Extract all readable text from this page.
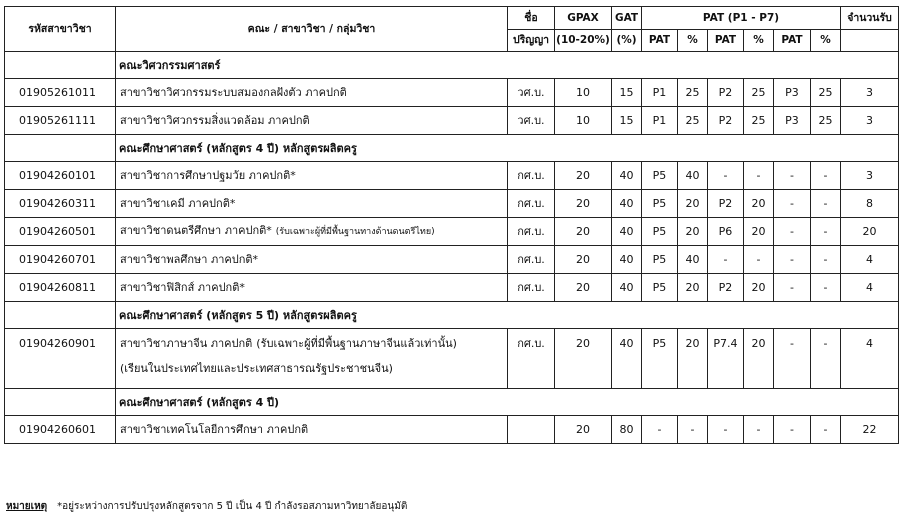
รหัสสาขาวิชา	คณะ / สาขาวิชา / กลุ่มวิชา	ชื่อ	GPAX	GAT	PAT (P1 - P7)						จำนวนรับ
		ปริญญา	(10-20%)	(%)	PAT	%	PAT	%	PAT	%	
	คณะวิศวกรรมศาสตร์										
01905261011	สาขาวิชาวิศวกรรมระบบสมองกลฝังตัว ภาคปกติ	วศ.บ.	10	15	P1	25	P2	25	P3	25	3
01905261111	สาขาวิชาวิศวกรรมสิ่งแวดล้อม ภาคปกติ	วศ.บ.	10	15	P1	25	P2	25	P3	25	3
	คณะศึกษาศาสตร์ (หลักสูตร 4 ปี) หลักสูตรผลิตครู										
01904260101	สาขาวิชาการศึกษาปฐมวัย ภาคปกติ*	กศ.บ.	20	40	P5	40	-	-	-	-	3
01904260311	สาขาวิชาเคมี ภาคปกติ*	กศ.บ.	20	40	P5	20	P2	20	-	-	8
01904260501	สาขาวิชาดนตรีศึกษา ภาคปกติ* (รับเฉพาะผู้ที่มีพื้นฐานทางด้านดนตรีไทย)	กศ.บ.	20	40	P5	20	P6	20	-	-	20
01904260701	สาขาวิชาพลศึกษา ภาคปกติ*	กศ.บ.	20	40	P5	40	-	-	-	-	4
01904260811	สาขาวิชาฟิสิกส์ ภาคปกติ*	กศ.บ.	20	40	P5	20	P2	20	-	-	4
	คณะศึกษาศาสตร์ (หลักสูตร 5 ปี) หลักสูตรผลิตครู										
01904260901	สาขาวิชาภาษาจีน ภาคปกติ (รับเฉพาะผู้ที่มีพื้นฐานภาษาจีนแล้วเท่านั้น)
(เรียนในประเทศไทยและประเทศสาธารณรัฐประชาชนจีน)	กศ.บ.	20	40	P5	20	P7.4	20	-	-	4
	คณะศึกษาศาสตร์ (หลักสูตร 4 ปี)										
01904260601	สาขาวิชาเทคโนโลยีการศึกษา ภาคปกติ		20	80	-	-	-	-	-	-	22
หมายเหตุ *อยู่ระหว่างการปรับปรุงหลักสูตรจาก 5 ปี เป็น 4 ปี กำลังรอสภามหาวิทยาลัยอนุมัติ
